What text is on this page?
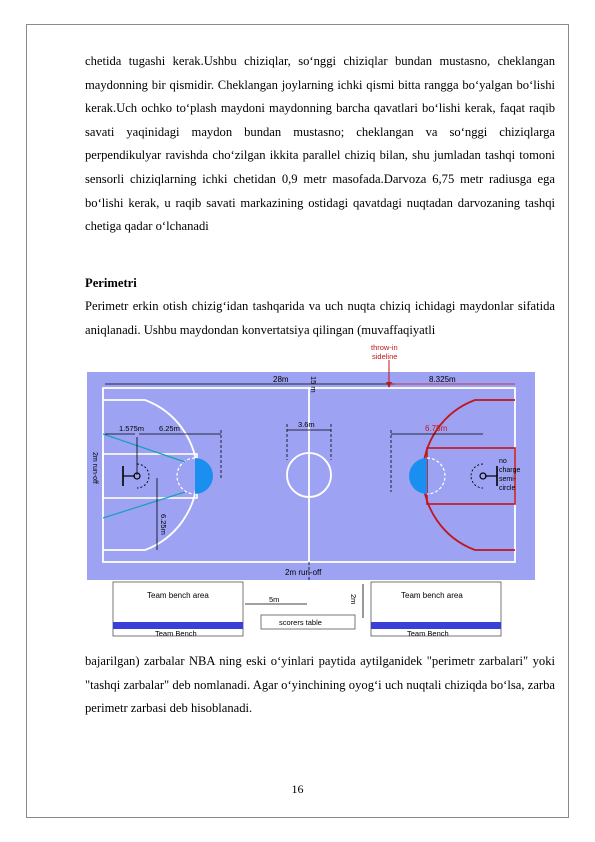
chetida tugashi kerak.Ushbu chiziqlar, so‘nggi chiziqlar bundan mustasno, cheklangan maydonning bir qismidir. Cheklangan joylarning ichki qismi bitta rangga bo‘yalgan bo‘lishi kerak.Uch ochko to‘plash maydoni maydonning barcha qavatlari bo‘lishi kerak, faqat raqib savati yaqinidagi maydon bundan mustasno; cheklangan va so‘nggi chiziqlarga perpendikulyar ravishda cho‘zilgan ikkita parallel chiziq bilan, shu jumladan tashqi tomoni sensorli chiziqlarning ichki chetidan 0,9 metr masofada.Darvoza 6,75 metr radiusga ega bo‘lishi kerak, u raqib savati markazining ostidagi qavatdagi nuqtadan darvozaning tashqi chetiga qadar o‘lchanadi
Perimetri
Perimetr erkin otish chizig‘idan tashqarida va uch nuqta chiziq ichidagi maydonlar sifatida aniqlanadi. Ushbu maydondan konvertatsiya qilingan (muvaffaqiyatli
1.575m 6.25m
2m run-off
6.25m
28m	15 m	8.325m
throw-in
sideline
3.6m	6.75m
no
charge
semi-
circle
2m run-off
Team bench area
Team Bench
Team bench area
Team Bench
5m	2m
scorers table
bajarilgan) zarbalar NBA ning eski o‘yinlari paytida aytilganidek "perimetr zarbalari" yoki "tashqi zarbalar" deb nomlanadi. Agar o‘yinchining oyog‘i uch nuqtali chiziqda bo‘lsa, zarba perimetr zarbasi deb hisoblanadi.
16
